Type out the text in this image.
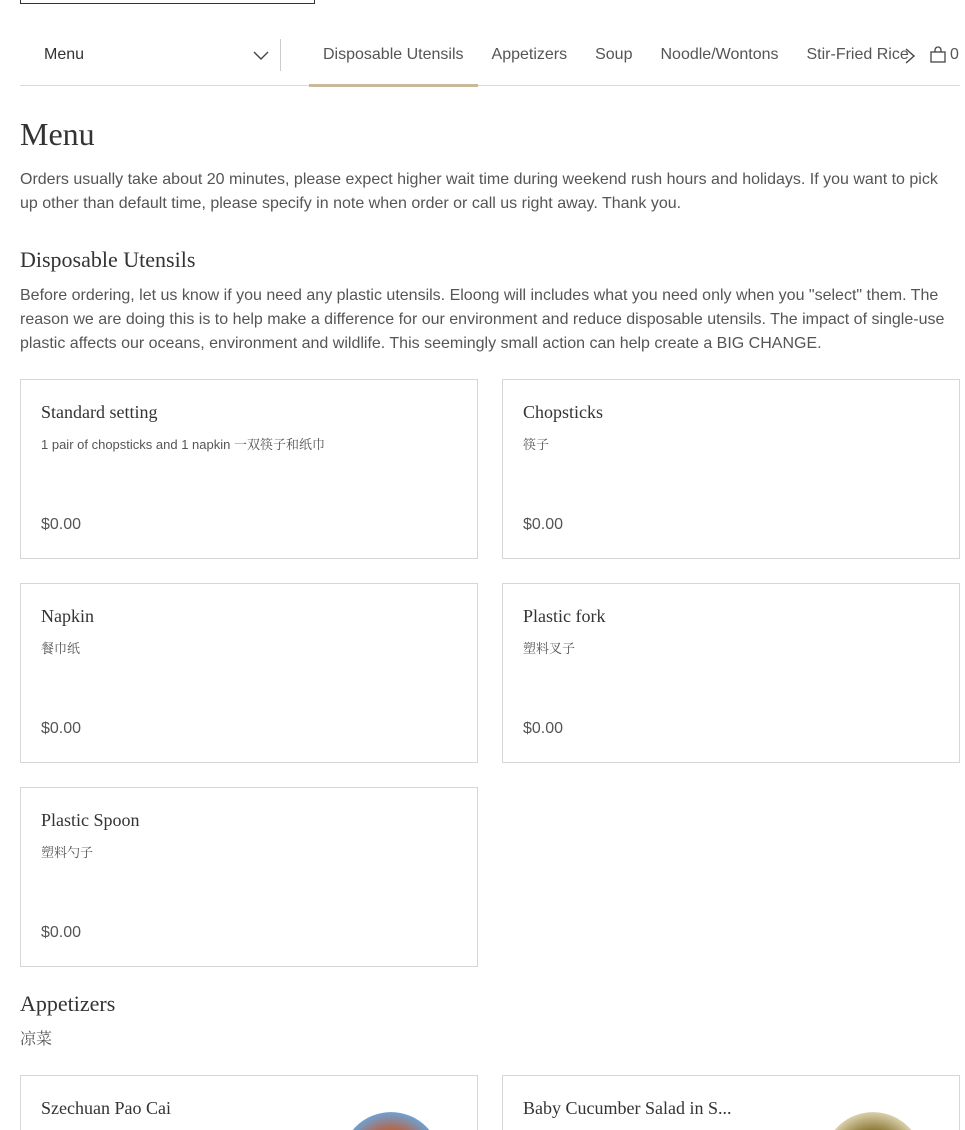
Menu	Disposable Utensils	Appetizers	Soup	Noodle/Wontons	Stir-Fried Rice	0
Menu

Orders usually take about 20 minutes, please expect higher wait time during weekend rush hours and holidays. If you want to pick up other than default time, please specify in note when order or call us right away. Thank you.

Disposable Utensils

Before ordering, let us know if you need any plastic utensils. Eloong will includes what you need only when you "select" them. The reason we are doing this is to help make a difference for our environment and reduce disposable utensils. The impact of single-use plastic affects our oceans, environment and wildlife. This seemingly small action can help create a BIG CHANGE.

Standard setting
1 pair of chopsticks and 1 napkin 一双筷子和纸巾
$0.00
Chopsticks
筷子
$0.00
Napkin
餐巾纸
$0.00
Plastic fork
塑料叉子
$0.00
Plastic Spoon
塑料勺子
$0.00
Appetizers

凉菜

Szechuan Pao Cai	Baby Cucumber Salad in S...
